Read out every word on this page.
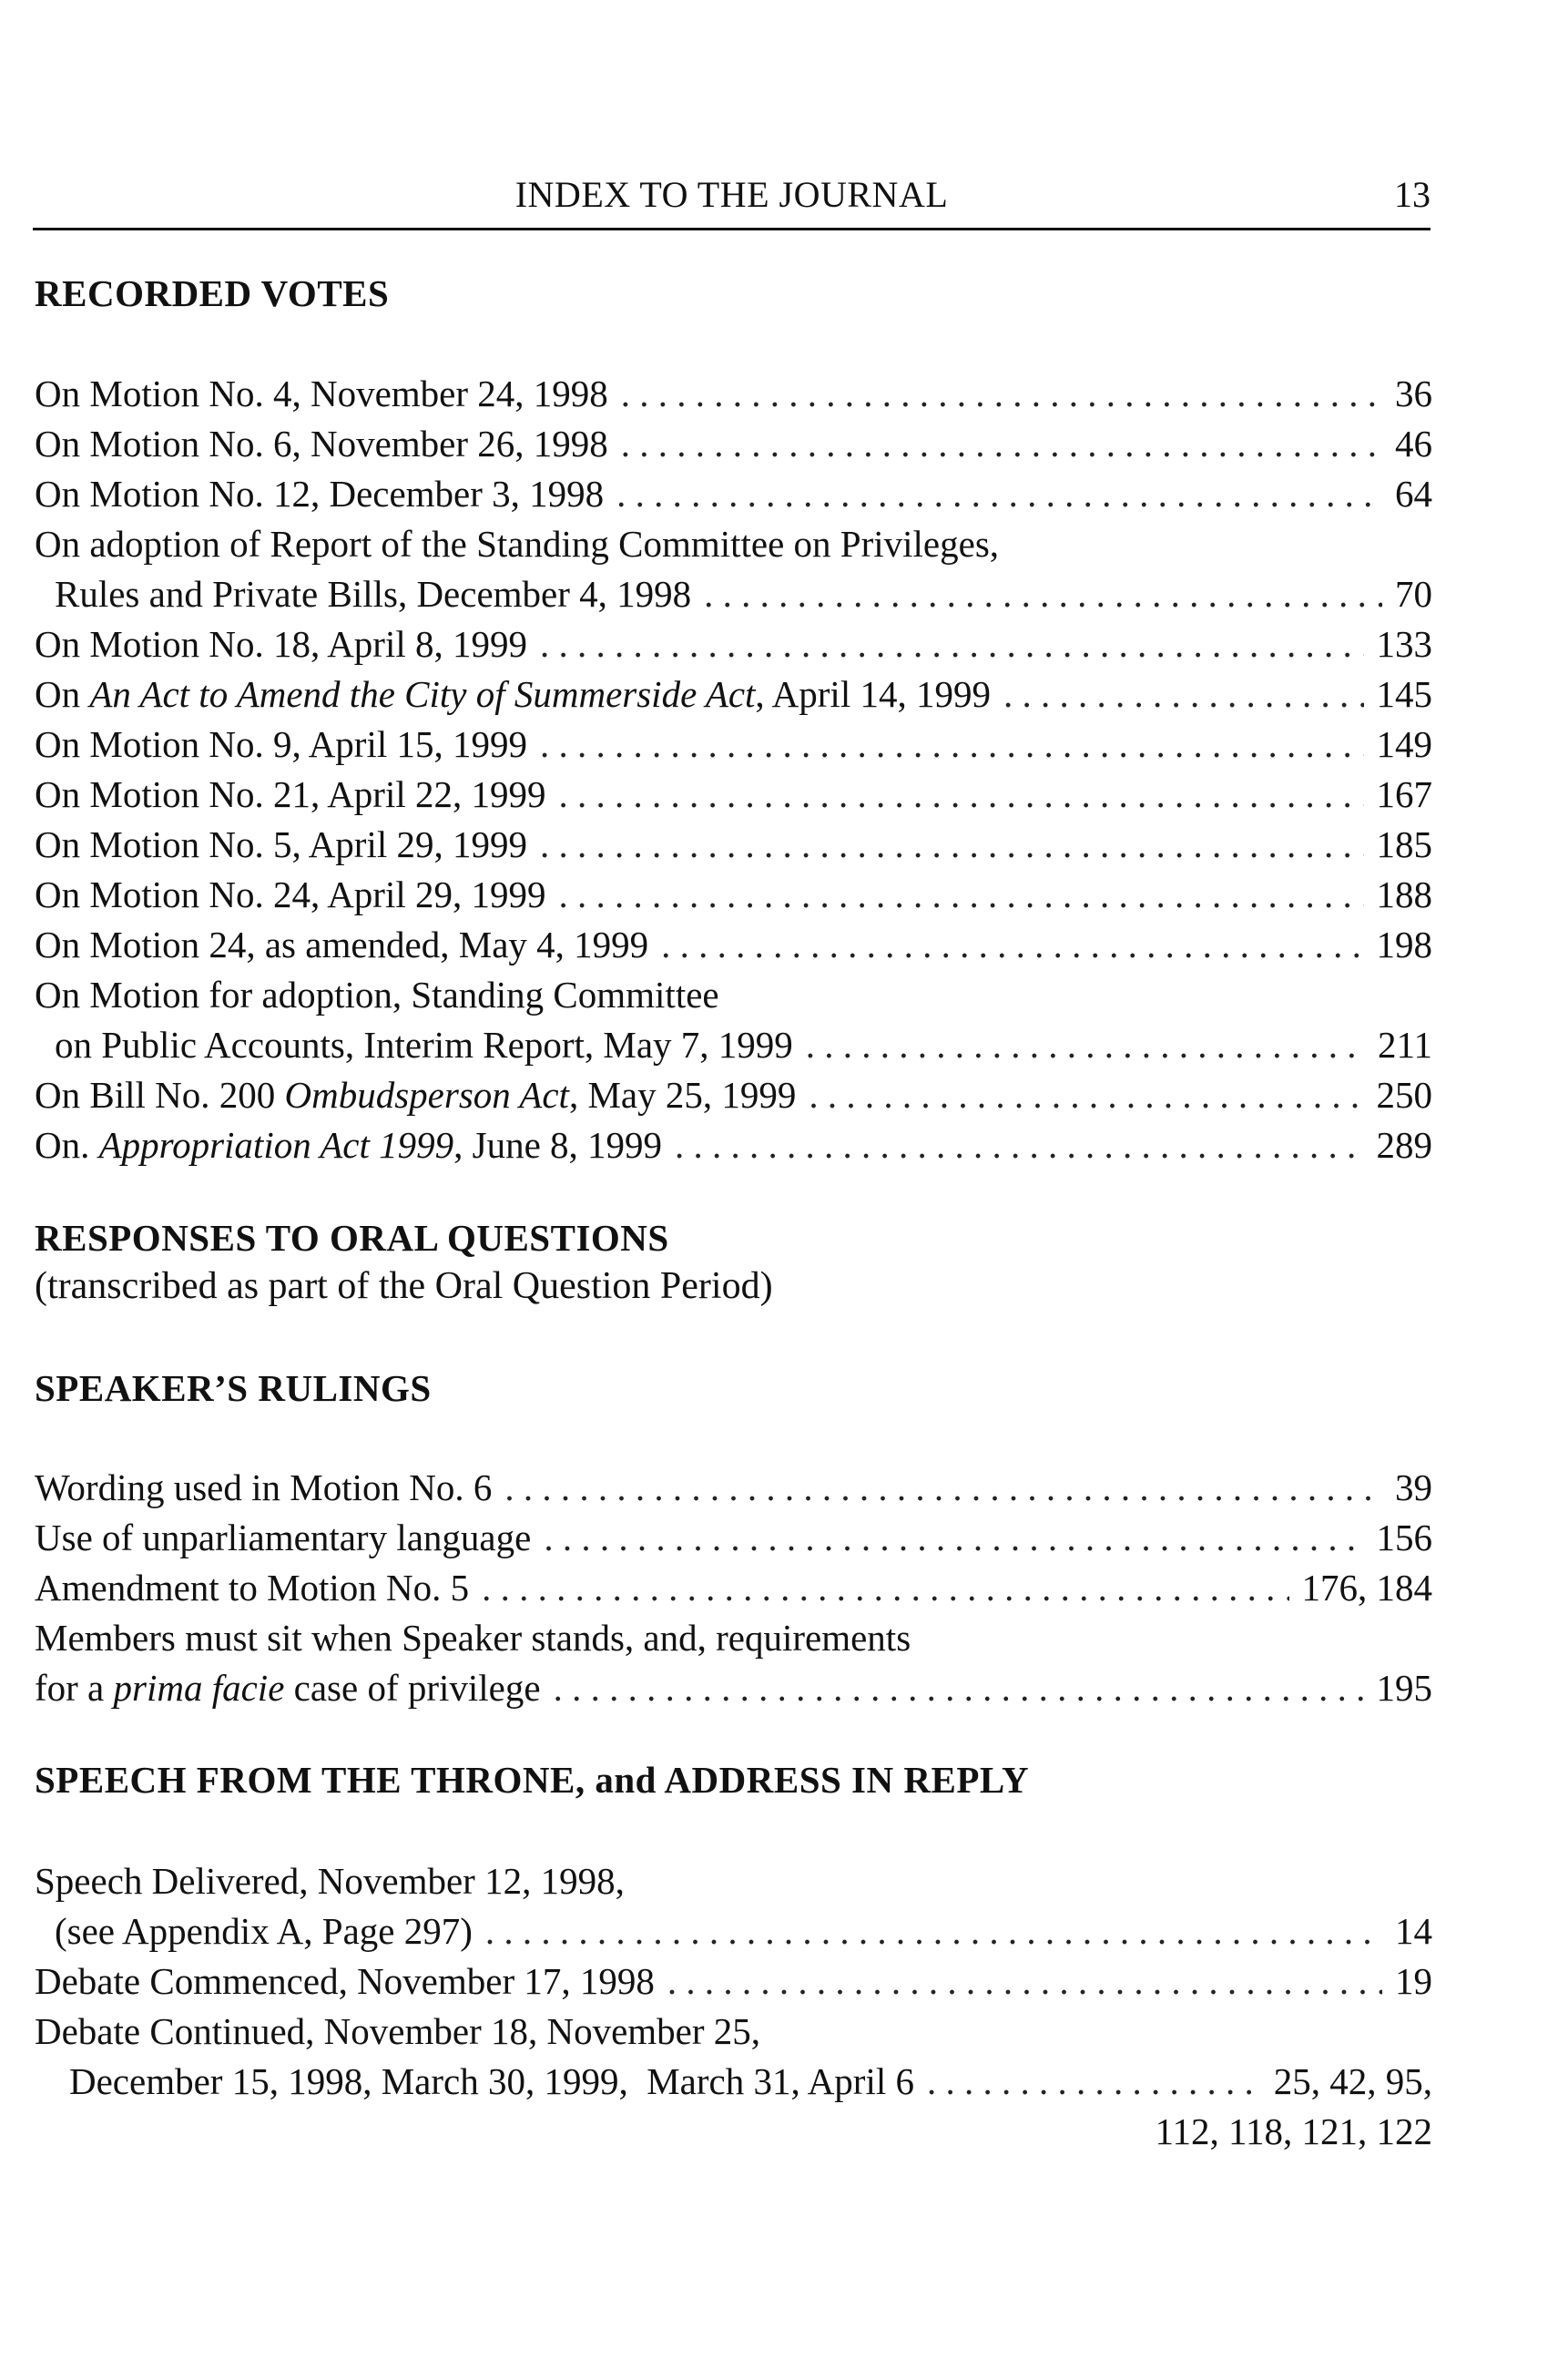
INDEX TO THE JOURNAL	13
RECORDED VOTES
On Motion No. 4, November 24, 1998 . . .	36
On Motion No. 6, November 26, 1998 . . .	46
On Motion No. 12, December 3, 1998 . . .	64
On adoption of Report of the Standing Committee on Privileges,
Rules and Private Bills, December 4, 1998 . . .	70
On Motion No. 18, April 8, 1999 . . .	133
On An Act to Amend the City of Summerside Act, April 14, 1999 . . .	145
On Motion No. 9, April 15, 1999 . . .	149
On Motion No. 21, April 22, 1999 . . .	167
On Motion No. 5, April 29, 1999 . . .	185
On Motion No. 24, April 29, 1999 . . .	188
On Motion 24, as amended, May 4, 1999 . . .	198
On Motion for adoption, Standing Committee
on Public Accounts, Interim Report, May 7, 1999 . . .	211
On Bill No. 200 Ombudsperson Act, May 25, 1999 . . .	250
On. Appropriation Act 1999, June 8, 1999 . . .	289
RESPONSES TO ORAL QUESTIONS
(transcribed as part of the Oral Question Period)
SPEAKER’S RULINGS
Wording used in Motion No. 6 . . .	39
Use of unparliamentary language . . .	156
Amendment to Motion No. 5 . . .	176, 184
Members must sit when Speaker stands, and, requirements
for a prima facie case of privilege . . .	195
SPEECH FROM THE THRONE, and ADDRESS IN REPLY
Speech Delivered, November 12, 1998,
(see Appendix A, Page 297) . . .	14
Debate Commenced, November 17, 1998 . . .	19
Debate Continued, November 18, November 25,
December 15, 1998, March 30, 1999,  March 31, April 6 . . .	25, 42, 95,
112, 118, 121, 122
